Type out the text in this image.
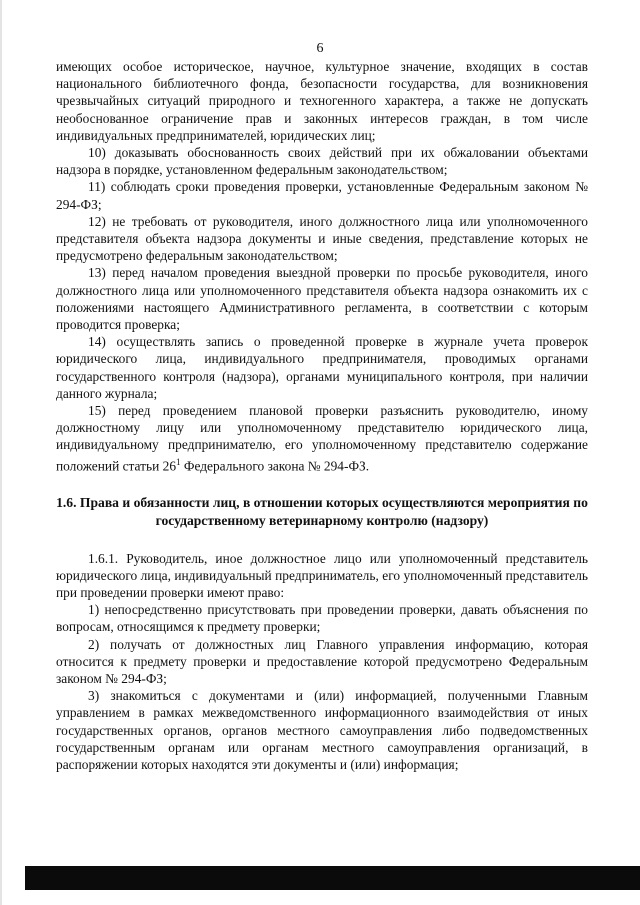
6

имеющих особое историческое, научное, культурное значение, входящих в состав национального библиотечного фонда, безопасности государства, для возникновения чрезвычайных ситуаций природного и техногенного характера, а также не допускать необоснованное ограничение прав и законных интересов граждан, в том числе индивидуальных предпринимателей, юридических лиц;

10) доказывать обоснованность своих действий при их обжаловании объектами надзора в порядке, установленном федеральным законодательством;

11) соблюдать сроки проведения проверки, установленные Федеральным законом № 294-ФЗ;

12) не требовать от руководителя, иного должностного лица или уполномоченного представителя объекта надзора документы и иные сведения, представление которых не предусмотрено федеральным законодательством;

13) перед началом проведения выездной проверки по просьбе руководителя, иного должностного лица или уполномоченного представителя объекта надзора ознакомить их с положениями настоящего Административного регламента, в соответствии с которым проводится проверка;

14) осуществлять запись о проведенной проверке в журнале учета проверок юридического лица, индивидуального предпринимателя, проводимых органами государственного контроля (надзора), органами муниципального контроля, при наличии данного журнала;

15) перед проведением плановой проверки разъяснить руководителю, иному должностному лицу или уполномоченному представителю юридического лица, индивидуальному предпринимателю, его уполномоченному представителю содержание положений статьи $26^1$ Федерального закона № 294-ФЗ.

1.6. Права и обязанности лиц, в отношении которых осуществляются мероприятия по государственному ветеринарному контролю (надзору)

1.6.1. Руководитель, иное должностное лицо или уполномоченный представитель юридического лица, индивидуальный предприниматель, его уполномоченный представитель при проведении проверки имеют право:

1) непосредственно присутствовать при проведении проверки, давать объяснения по вопросам, относящимся к предмету проверки;

2) получать от должностных лиц Главного управления информацию, которая относится к предмету проверки и предоставление которой предусмотрено Федеральным законом № 294-ФЗ;

3) знакомиться с документами и (или) информацией, полученными Главным управлением в рамках межведомственного информационного взаимодействия от иных государственных органов, органов местного самоуправления либо подведомственных государственным органам или органам местного самоуправления организаций, в распоряжении которых находятся эти документы и (или) информация;
